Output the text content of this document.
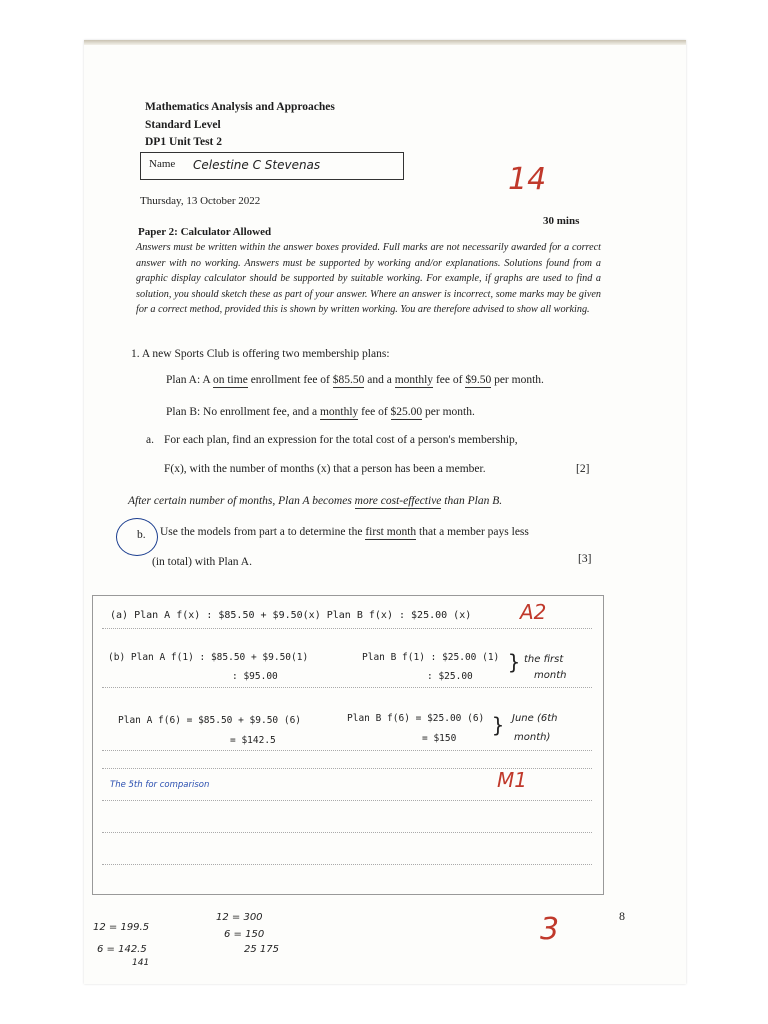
Mathematics Analysis and Approaches
Standard Level
DP1 Unit Test 2
Name Celestine C Stevenas	14
Thursday, 13 October 2022
30 mins
Paper 2: Calculator Allowed
Answers must be written within the answer boxes provided. Full marks are not necessarily awarded for a correct answer with no working. Answers must be supported by working and/or explanations. Solutions found from a graphic display calculator should be supported by suitable working. For example, if graphs are used to find a solution, you should sketch these as part of your answer. Where an answer is incorrect, some marks may be given for a correct method, provided this is shown by written working. You are therefore advised to show all working.
1. A new Sports Club is offering two membership plans:
Plan A: A on time enrollment fee of $85.50 and a monthly fee of $9.50 per month.
Plan B: No enrollment fee, and a monthly fee of $25.00 per month.
a. For each plan, find an expression for the total cost of a person's membership,
F(x), with the number of months (x) that a person has been a member.	[2]
After certain number of months, Plan A becomes more cost-effective than Plan B.
b. Use the models from part a to determine the first month that a member pays less
(in total) with Plan A.	[3]
(a) Plan A f(x) : $85.50 + $9.50(x) Plan B f(x) : $25.00 (x) A2
(b) Plan A f(1) : $85.50 + $9.50(1)
: $95.00
Plan B f(1) : $25.00 (1)
: $25.00
} the first
month
Plan A f(6) = $85.50 + $9.50 (6)
= $142.5
Plan B f(6) = $25.00 (6)
= $150
} June (6th
month)
The 5th for comparison	M1
12 = 199.5
6 = 142.5
141
12 = 300
6 = 150
25 175
3	8
